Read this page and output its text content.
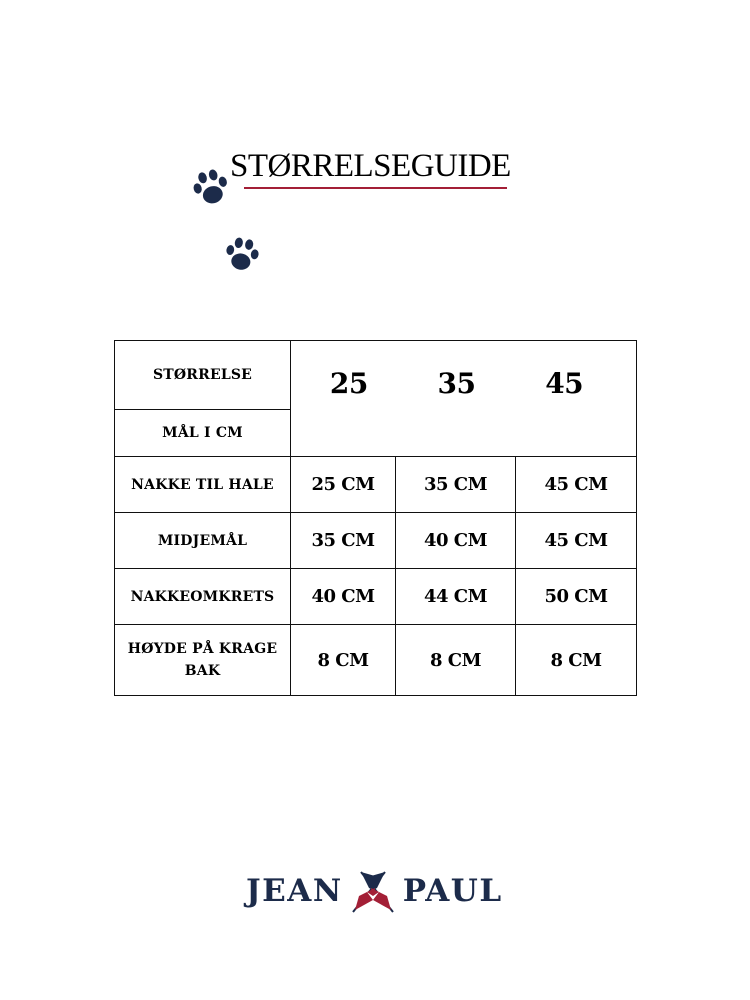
STØRRELSEGUIDE
STØRRELSE	25 35 45		

MÅL I CM			
NAKKE TIL HALE	25 CM	35 CM	45 CM
MIDJEMÅL	35 CM	40 CM	45 CM
NAKKEOMKRETS	40 CM	44 CM	50 CM

HØYDE PÅ KRAGE BAK	8 CM	8 CM	8 CM
JEAN PAUL
